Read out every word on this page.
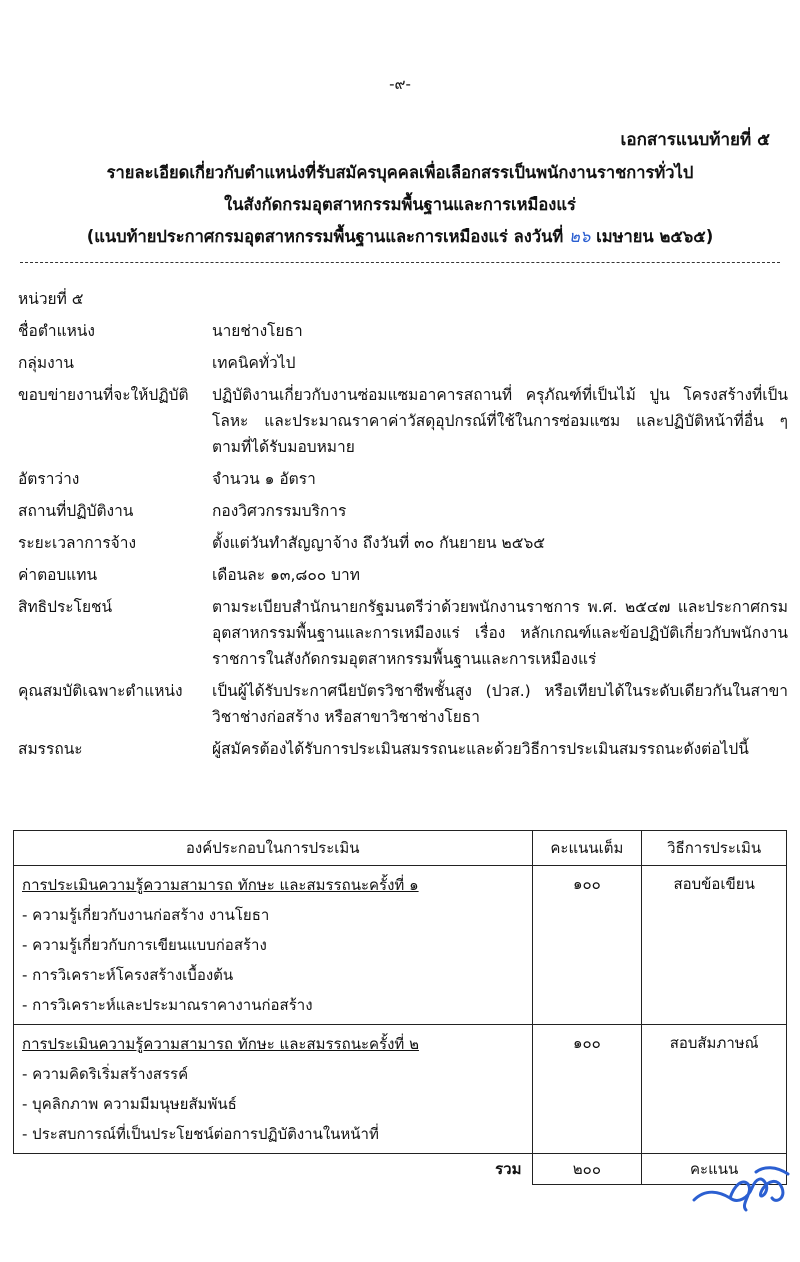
-๙-
เอกสารแนบท้ายที่ ๕
รายละเอียดเกี่ยวกับตำแหน่งที่รับสมัครบุคคลเพื่อเลือกสรรเป็นพนักงานราชการทั่วไป
ในสังกัดกรมอุตสาหกรรมพื้นฐานและการเหมืองแร่
(แนบท้ายประกาศกรมอุตสาหกรรมพื้นฐานและการเหมืองแร่ ลงวันที่ ๒๖ เมษายน ๒๕๖๕)
หน่วยที่ ๕
ชื่อตำแหน่ง	นายช่างโยธา
กลุ่มงาน	เทคนิคทั่วไป
ขอบข่ายงานที่จะให้ปฏิบัติ	ปฏิบัติงานเกี่ยวกับงานซ่อมแซมอาคารสถานที่ ครุภัณฑ์ที่เป็นไม้ ปูน โครงสร้างที่เป็นโลหะ และประมาณราคาค่าวัสดุอุปกรณ์ที่ใช้ในการซ่อมแซม และปฏิบัติหน้าที่อื่น ๆ ตามที่ได้รับมอบหมาย
อัตราว่าง	จำนวน ๑ อัตรา
สถานที่ปฏิบัติงาน	กองวิศวกรรมบริการ
ระยะเวลาการจ้าง	ตั้งแต่วันทำสัญญาจ้าง ถึงวันที่ ๓๐ กันยายน ๒๕๖๕
ค่าตอบแทน	เดือนละ ๑๓,๘๐๐ บาท
สิทธิประโยชน์	ตามระเบียบสำนักนายกรัฐมนตรีว่าด้วยพนักงานราชการ พ.ศ. ๒๕๔๗ และประกาศกรมอุตสาหกรรมพื้นฐานและการเหมืองแร่ เรื่อง หลักเกณฑ์และข้อปฏิบัติเกี่ยวกับพนักงานราชการในสังกัดกรมอุตสาหกรรมพื้นฐานและการเหมืองแร่
คุณสมบัติเฉพาะตำแหน่ง	เป็นผู้ได้รับประกาศนียบัตรวิชาชีพชั้นสูง (ปวส.) หรือเทียบได้ในระดับเดียวกันในสาขาวิชาช่างก่อสร้าง หรือสาขาวิชาช่างโยธา
สมรรถนะ	ผู้สมัครต้องได้รับการประเมินสมรรถนะและด้วยวิธีการประเมินสมรรถนะดังต่อไปนี้
องค์ประกอบในการประเมิน	คะแนนเต็ม	วิธีการประเมิน

การประเมินความรู้ความสามารถ ทักษะ และสมรรถนะครั้งที่ ๑
- ความรู้เกี่ยวกับงานก่อสร้าง งานโยธา
- ความรู้เกี่ยวกับการเขียนแบบก่อสร้าง
- การวิเคราะห์โครงสร้างเบื้องต้น
- การวิเคราะห์และประมาณราคางานก่อสร้าง	๑๐๐	สอบข้อเขียน

การประเมินความรู้ความสามารถ ทักษะ และสมรรถนะครั้งที่ ๒
- ความคิดริเริ่มสร้างสรรค์
- บุคลิกภาพ ความมีมนุษยสัมพันธ์
- ประสบการณ์ที่เป็นประโยชน์ต่อการปฏิบัติงานในหน้าที่	๑๐๐	สอบสัมภาษณ์
รวม	๒๐๐	คะแนน
